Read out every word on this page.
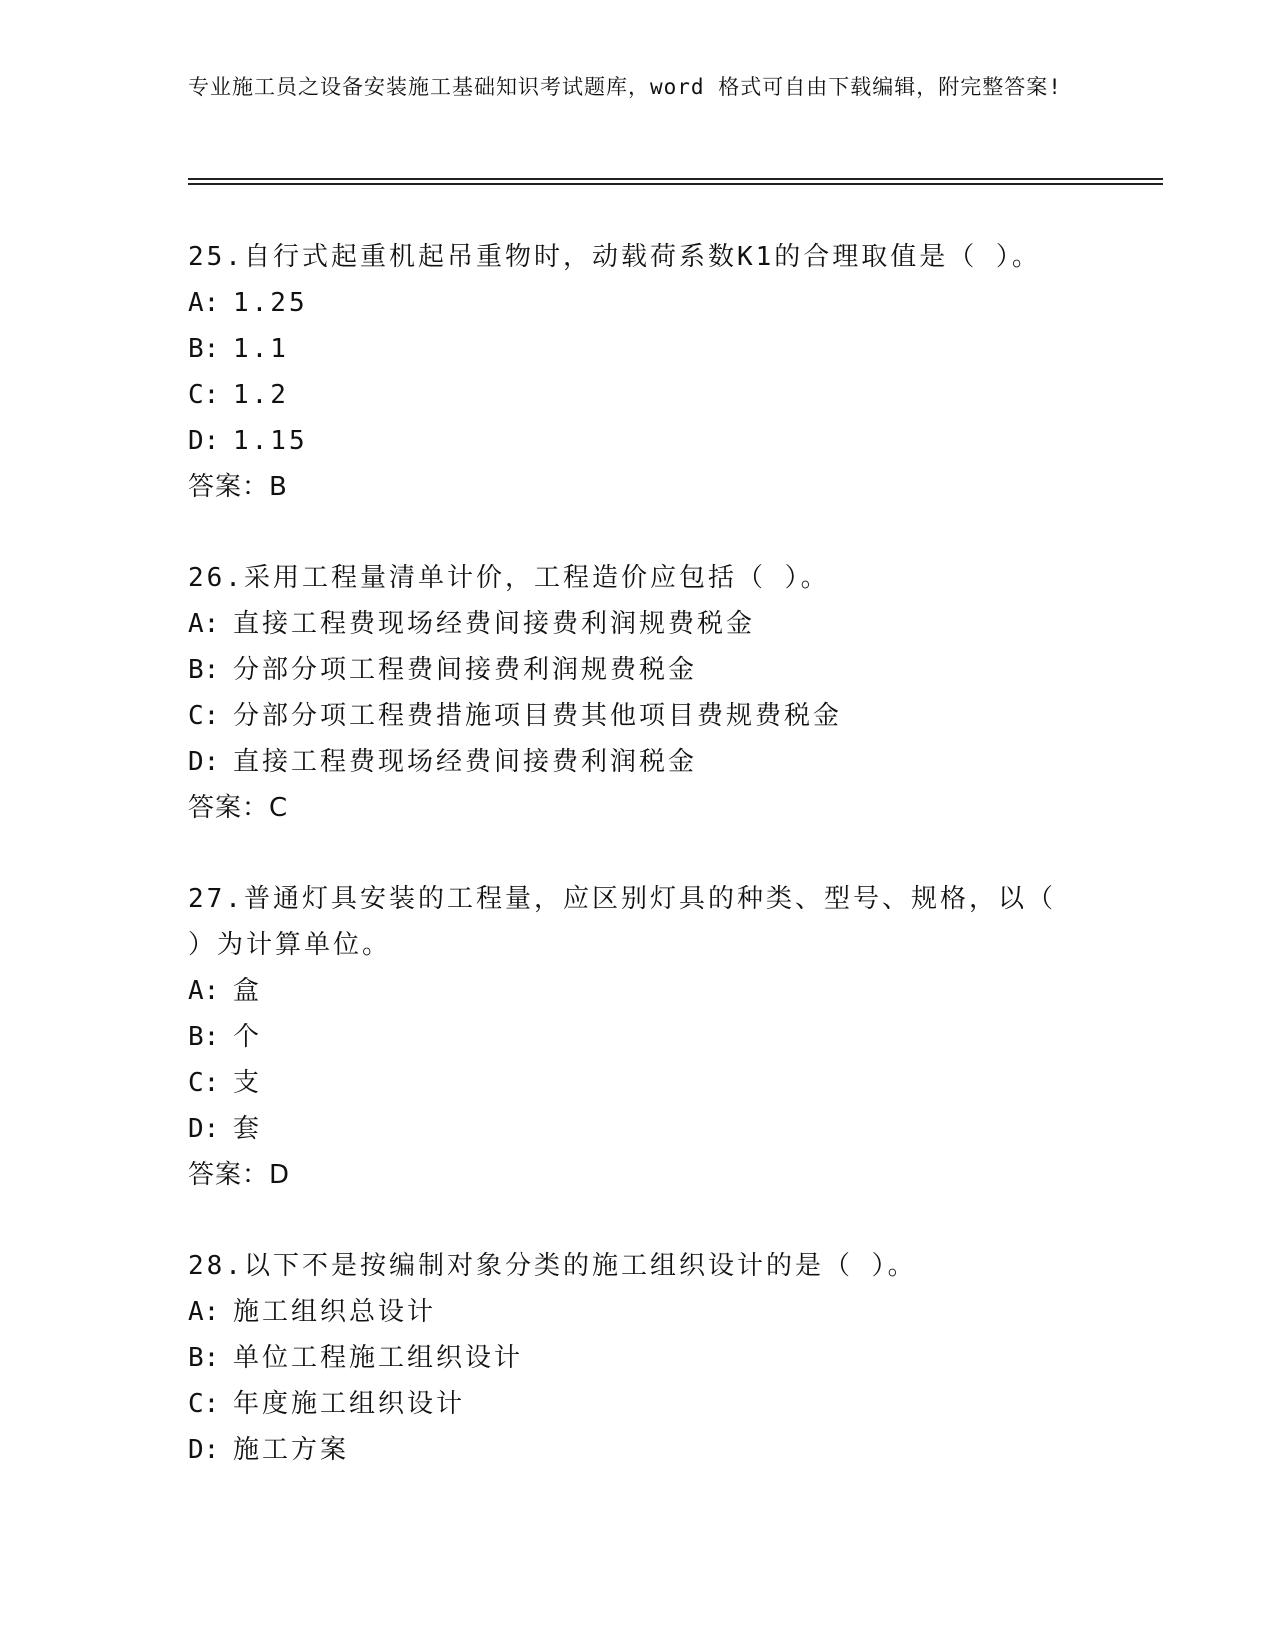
专业施工员之设备安装施工基础知识考试题库，word 格式可自由下载编辑，附完整答案!
25.自行式起重机起吊重物时，动载荷系数K1的合理取值是（ ）。
A: 1.25
B: 1.1
C: 1.2
D: 1.15
答案：B
26.采用工程量清单计价，工程造价应包括（ ）。
A: 直接工程费现场经费间接费利润规费税金
B: 分部分项工程费间接费利润规费税金
C: 分部分项工程费措施项目费其他项目费规费税金
D: 直接工程费现场经费间接费利润税金
答案：C
27.普通灯具安装的工程量，应区别灯具的种类、型号、规格，以（ ）为计算单位。
A: 盒
B: 个
C: 支
D: 套
答案：D
28.以下不是按编制对象分类的施工组织设计的是（ ）。
A: 施工组织总设计
B: 单位工程施工组织设计
C: 年度施工组织设计
D: 施工方案
